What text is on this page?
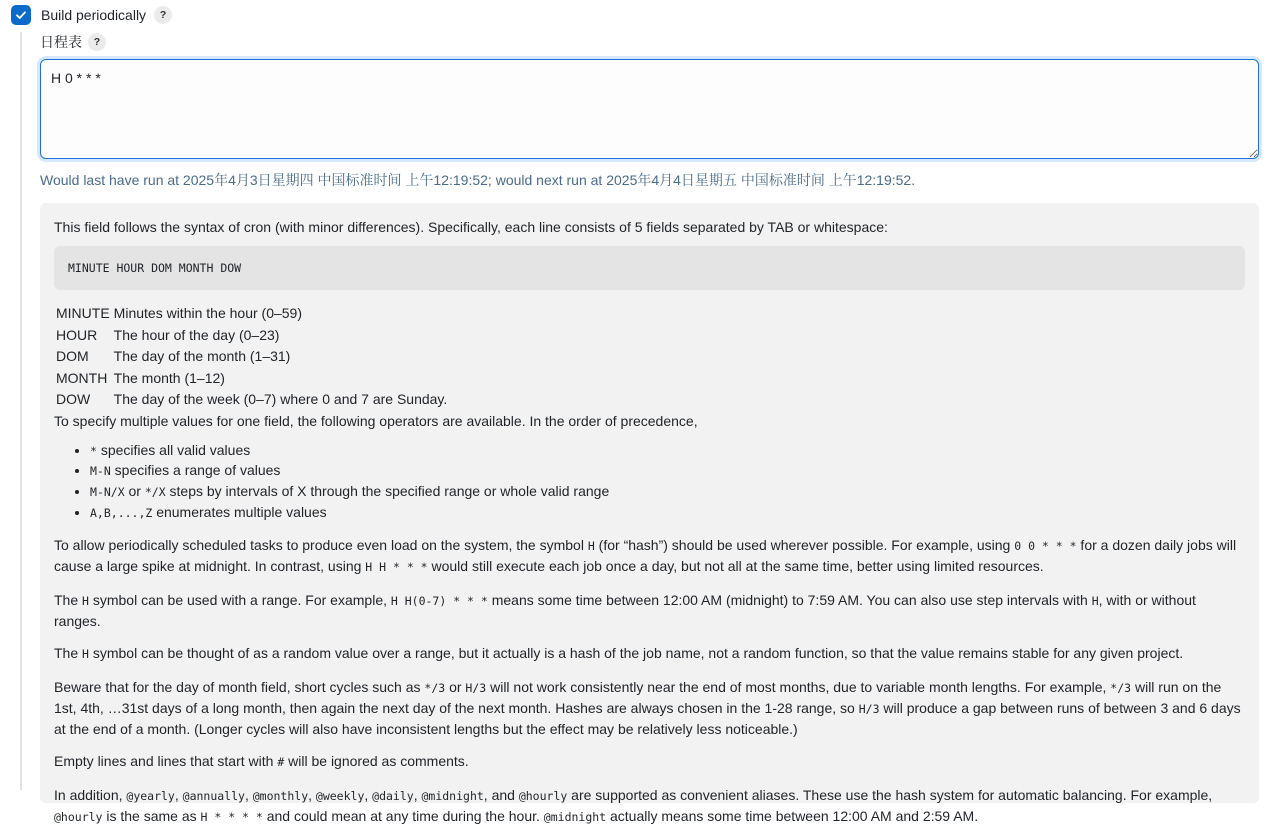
Build periodically	?
日程表	?
H 0 * * *
Would last have run at 2025年4月3日星期四 中国标准时间 上午12:19:52; would next run at 2025年4月4日星期五 中国标准时间 上午12:19:52.

This field follows the syntax of cron (with minor differences). Specifically, each line consists of 5 fields separated by TAB or whitespace:

MINUTE HOUR DOM MONTH DOW
MINUTE	Minutes within the hour (0–59)
HOUR	The hour of the day (0–23)
DOM	The day of the month (1–31)
MONTH	The month (1–12)
DOW	The day of the week (0–7) where 0 and 7 are Sunday.

To specify multiple values for one field, the following operators are available. In the order of precedence,

• * specifies all valid values
• M-N specifies a range of values
• M-N/X or */X steps by intervals of X through the specified range or whole valid range
• A,B,...,Z enumerates multiple values

To allow periodically scheduled tasks to produce even load on the system, the symbol H (for “hash”) should be used wherever possible. For example, using 0 0 * * * for a dozen daily jobs will cause a large spike at midnight. In contrast, using H H * * * would still execute each job once a day, but not all at the same time, better using limited resources.

The H symbol can be used with a range. For example, H H(0-7) * * * means some time between 12:00 AM (midnight) to 7:59 AM. You can also use step intervals with H, with or without ranges.

The H symbol can be thought of as a random value over a range, but it actually is a hash of the job name, not a random function, so that the value remains stable for any given project.

Beware that for the day of month field, short cycles such as */3 or H/3 will not work consistently near the end of most months, due to variable month lengths. For example, */3 will run on the 1st, 4th, …31st days of a long month, then again the next day of the next month. Hashes are always chosen in the 1-28 range, so H/3 will produce a gap between runs of between 3 and 6 days at the end of a month. (Longer cycles will also have inconsistent lengths but the effect may be relatively less noticeable.)

Empty lines and lines that start with # will be ignored as comments.

In addition, @yearly, @annually, @monthly, @weekly, @daily, @midnight, and @hourly are supported as convenient aliases. These use the hash system for automatic balancing. For example, @hourly is the same as H * * * * and could mean at any time during the hour. @midnight actually means some time between 12:00 AM and 2:59 AM.
